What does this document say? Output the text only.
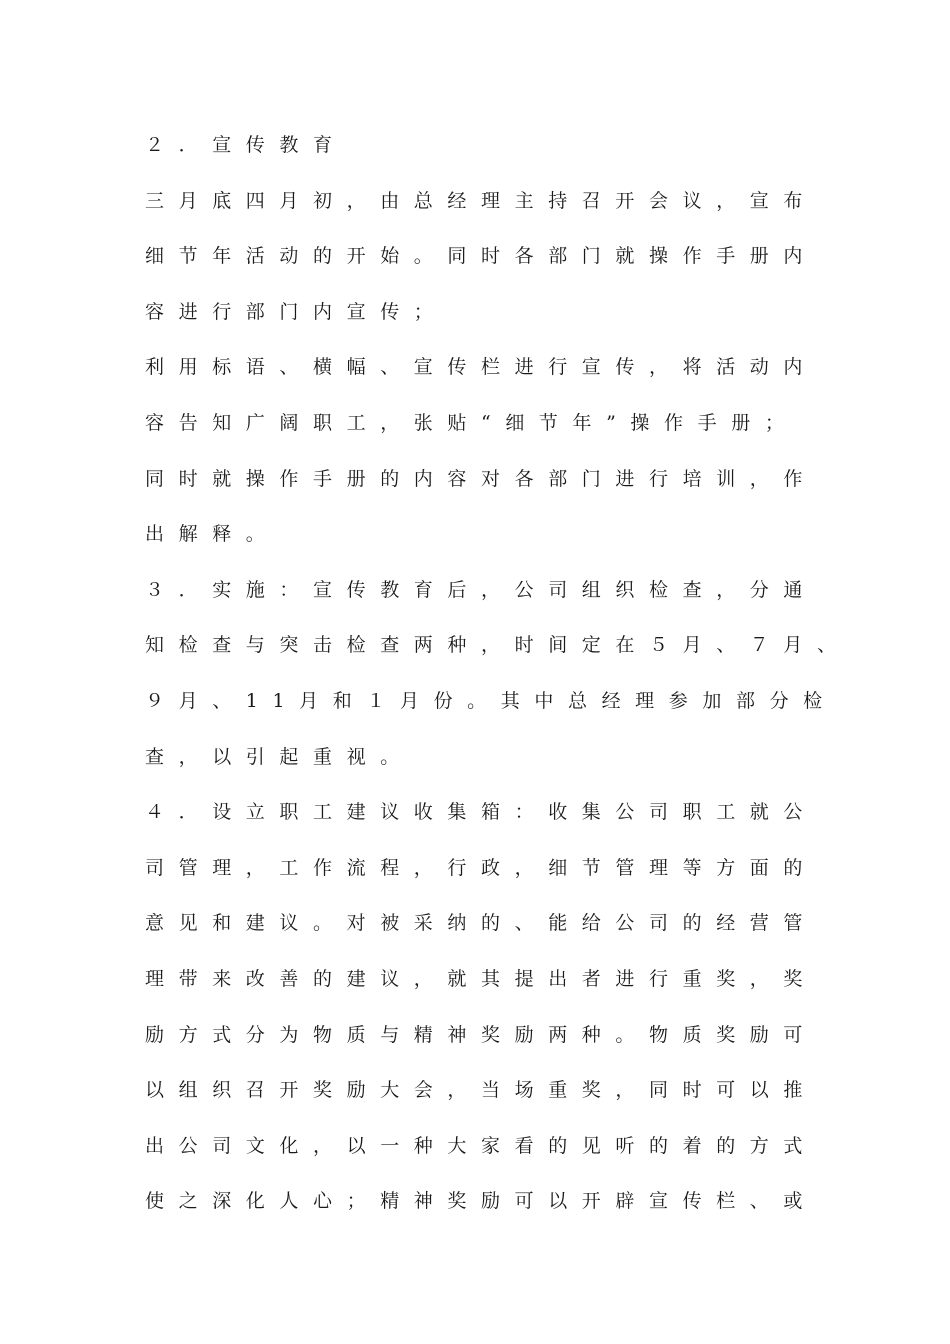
２．宣传教育
三月底四月初，由总经理主持召开会议，宣布
细节年活动的开始。同时各部门就操作手册内
容进行部门内宣传；
利用标语、横幅、宣传栏进行宣传，将活动内
容告知广阔职工，张贴“细节年”操作手册；
同时就操作手册的内容对各部门进行培训，作
出解释。
３．实施：宣传教育后，公司组织检查，分通
知检查与突击检查两种，时间定在５月、７月、
９月、11月和１月份。其中总经理参加部分检
查，以引起重视。
４．设立职工建议收集箱：收集公司职工就公
司管理，工作流程，行政，细节管理等方面的
意见和建议。对被采纳的、能给公司的经营管
理带来改善的建议，就其提出者进行重奖，奖
励方式分为物质与精神奖励两种。物质奖励可
以组织召开奖励大会，当场重奖，同时可以推
出公司文化，以一种大家看的见听的着的方式
使之深化人心；精神奖励可以开辟宣传栏、或
